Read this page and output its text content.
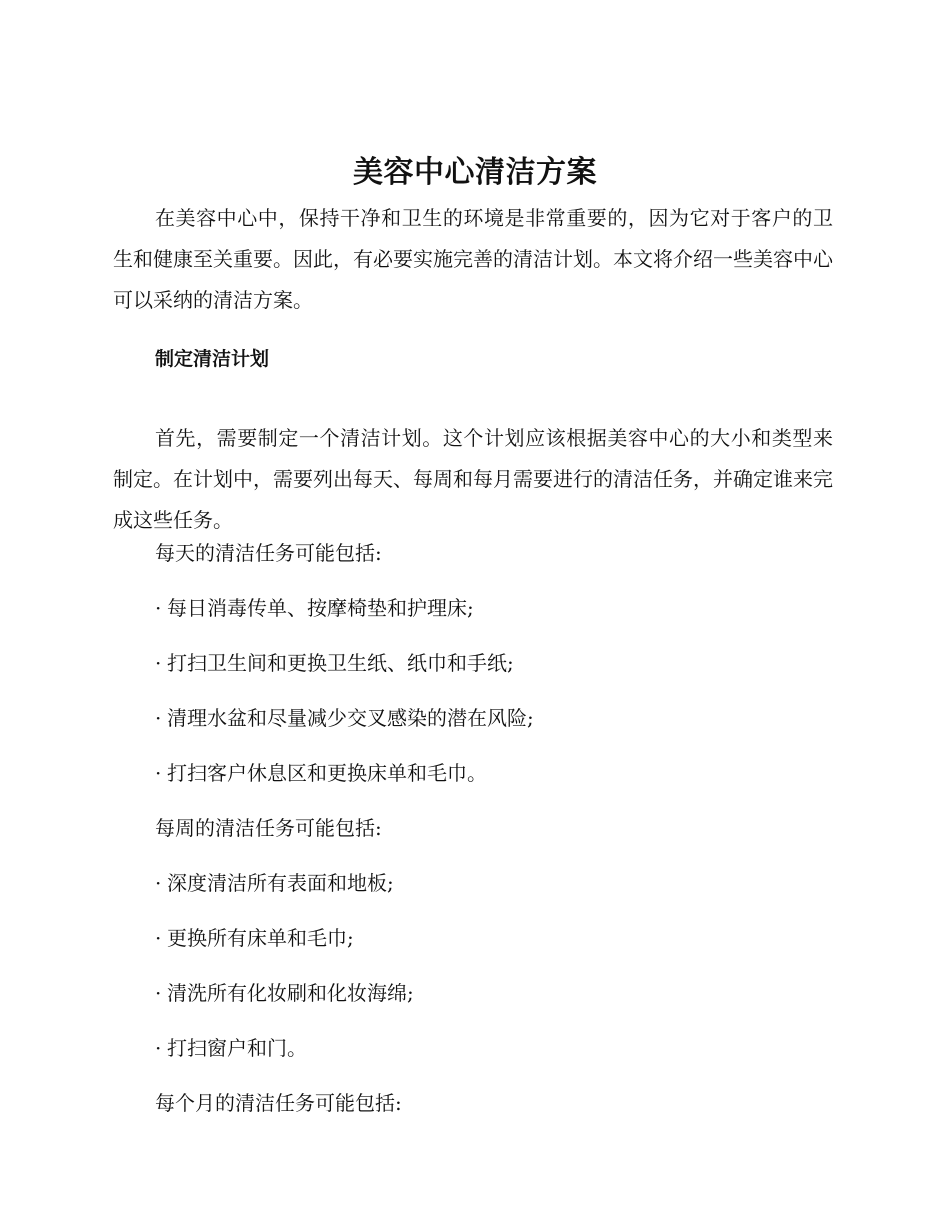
美容中心清洁方案
在美容中心中，保持干净和卫生的环境是非常重要的，因为它对于客户的卫生和健康至关重要。因此，有必要实施完善的清洁计划。本文将介绍一些美容中心可以采纳的清洁方案。
制定清洁计划
首先，需要制定一个清洁计划。这个计划应该根据美容中心的大小和类型来制定。在计划中，需要列出每天、每周和每月需要进行的清洁任务，并确定谁来完成这些任务。
每天的清洁任务可能包括:
· 每日消毒传单、按摩椅垫和护理床;
· 打扫卫生间和更换卫生纸、纸巾和手纸;
· 清理水盆和尽量减少交叉感染的潜在风险;
· 打扫客户休息区和更换床单和毛巾。
每周的清洁任务可能包括:
· 深度清洁所有表面和地板;
· 更换所有床单和毛巾;
· 清洗所有化妆刷和化妆海绵;
· 打扫窗户和门。
每个月的清洁任务可能包括:
